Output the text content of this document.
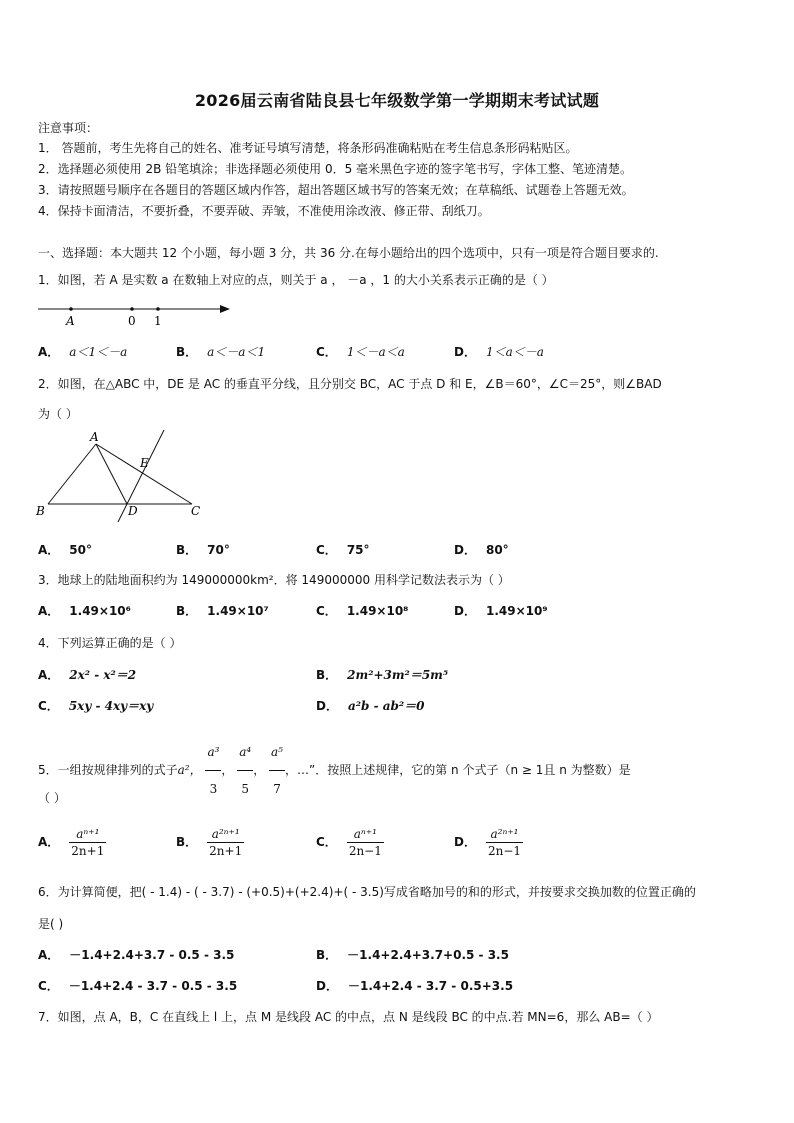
2026届云南省陆良县七年级数学第一学期期末考试试题
注意事项：
1． 答题前，考生先将自己的姓名、准考证号填写清楚，将条形码准确粘贴在考生信息条形码粘贴区。
2．选择题必须使用 2B 铅笔填涂；非选择题必须使用 0．5 毫米黑色字迹的签字笔书写，字体工整、笔迹清楚。
3．请按照题号顺序在各题目的答题区域内作答，超出答题区域书写的答案无效；在草稿纸、试题卷上答题无效。
4．保持卡面清洁，不要折叠，不要弄破、弄皱，不准使用涂改液、修正带、刮纸刀。
一、选择题：本大题共 12 个小题，每小题 3 分，共 36 分.在每小题给出的四个选项中，只有一项是符合题目要求的.
1．如图，若 A 是实数 a 在数轴上对应的点，则关于 a ， －a ，1 的大小关系表示正确的是（ ）
A	0 1
A． a＜1＜－a	B． a＜－a＜1	C． 1＜－a＜a	D． 1＜a＜－a
2．如图，在△ABC 中，DE 是 AC 的垂直平分线，且分别交 BC，AC 于点 D 和 E，∠B＝60°，∠C＝25°，则∠BAD
为（ ）
A
B	C
D
E
A． 50°	B． 70°	C． 75°	D． 80°
3．地球上的陆地面积约为 149000000km²．将 149000000 用科学记数法表示为（ ）
A． 1.49×10⁶	B． 1.49×10⁷	C． 1.49×10⁸	D． 1.49×10⁹
4．下列运算正确的是（ ）
A． 2x² - x²＝2	B． 2m²+3m²＝5m⁵
C． 5xy - 4xy＝xy	D． a²b - ab²＝0
5．一组按规律排列的式子a²， $\frac{\text{a³}}{3}$ ， $\frac{\text{a⁴}}{5}$ ， $\frac{\text{a⁵}}{7}$ ，…”．按照上述规律，它的第 n 个式子（n ≥ 1且 n 为整数）是
（ ）
A． $\frac{\text{aⁿ⁺¹}}{2n+1}$	B． $\frac{\text{a²ⁿ⁺¹}}{2n+1}$	C． $\frac{\text{aⁿ⁺¹}}{2n-1}$	D． $\frac{\text{a²ⁿ⁺¹}}{2n-1}$
6．为计算简便，把( - 1.4) - ( - 3.7) - (+0.5)+(+2.4)+( - 3.5)写成省略加号的和的形式，并按要求交换加数的位置正确的
是( )
A． －1.4+2.4+3.7 - 0.5 - 3.5	B． －1.4+2.4+3.7+0.5 - 3.5
C． －1.4+2.4 - 3.7 - 0.5 - 3.5	D． －1.4+2.4 - 3.7 - 0.5+3.5
7．如图，点 A，B，C 在直线上 l 上，点 M 是线段 AC 的中点，点 N 是线段 BC 的中点.若 MN=6，那么 AB=（ ）
